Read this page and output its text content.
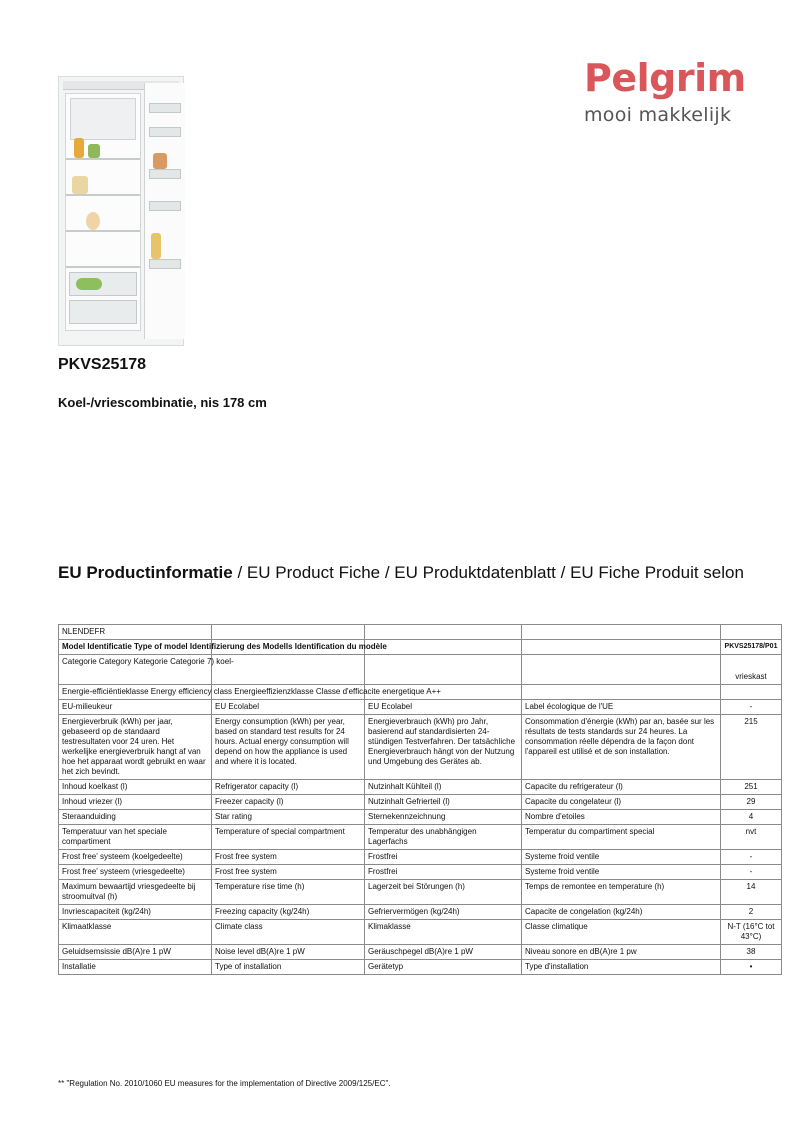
Pelgrim
mooi makkelijk
PKVS25178
Koel-/vriescombinatie, nis 178 cm
EU Productinformatie / EU Product Fiche / EU Produktdatenblatt / EU Fiche Produit selon
NLENDEFR				
Model Identificatie Type of model Identifizierung des Modells Identification du modèle				PKVS25178/P01
Categorie Category Kategorie Categorie 7) koel-				vrieskast
Energie-efficiëntieklasse Energy efficiency class Energieeffizienzklasse Classe d'efficacite energetique A++				
EU-milieukeur	EU Ecolabel	EU Ecolabel	Label écologique de l'UE	-
Energieverbruik (kWh) per jaar, gebaseerd op de standaard testresultaten voor 24 uren. Het werkelijke energieverbruik hangt af van hoe het apparaat wordt gebruikt en waar het zich bevindt.	Energy consumption (kWh) per year, based on standard test results for 24 hours. Actual energy consumption will depend on how the appliance is used and where it is located.	Energieverbrauch (kWh) pro Jahr, basierend auf standardisierten 24-stündigen Testverfahren. Der tatsächliche Energieverbrauch hängt von der Nutzung und Umgebung des Gerätes ab.	Consommation d'énergie (kWh) par an, basée sur les résultats de tests standards sur 24 heures. La consommation réelle dépendra de la façon dont l'appareil est utilisé et de son installation.	215
Inhoud koelkast (l)	Refrigerator capacity (l)	Nutzinhalt Kühlteil (l)	Capacite du refrigerateur (l)	251
Inhoud vriezer (l)	Freezer capacity (l)	Nutzinhalt Gefrierteil (l)	Capacite du congelateur (l)	29
Steraanduiding	Star rating	Sternekennzeichnung	Nombre d'etoiles	4
Temperatuur van het speciale compartiment	Temperature of special compartment	Temperatur des unabhängigen Lagerfachs	Temperatur du compartiment special	nvt
Frost free' systeem (koelgedeelte)	Frost free system	Frostfrei	Systeme froid ventile	-
Frost free' systeem (vriesgedeelte)	Frost free system	Frostfrei	Systeme froid ventile	-
Maximum bewaartijd vriesgedeelte bij stroomuitval (h)	Temperature rise time (h)	Lagerzeit bei Störungen (h)	Temps de remontee en temperature (h)	14
Invriescapaciteit (kg/24h)	Freezing capacity (kg/24h)	Gefriervermögen (kg/24h)	Capacite de congelation (kg/24h)	2
Klimaatklasse	Climate class	Klimaklasse	Classe climatique	N-T (16°C tot 43°C)
Geluidsemsissie dB(A)re 1 pW	Noise level dB(A)re 1 pW	Geräuschpegel dB(A)re 1 pW	Niveau sonore en dB(A)re 1 pw	38
Installatie	Type of installation	Gerätetyp	Type d'installation	•
** "Regulation No. 2010/1060 EU measures for the implementation of Directive 2009/125/EC".
